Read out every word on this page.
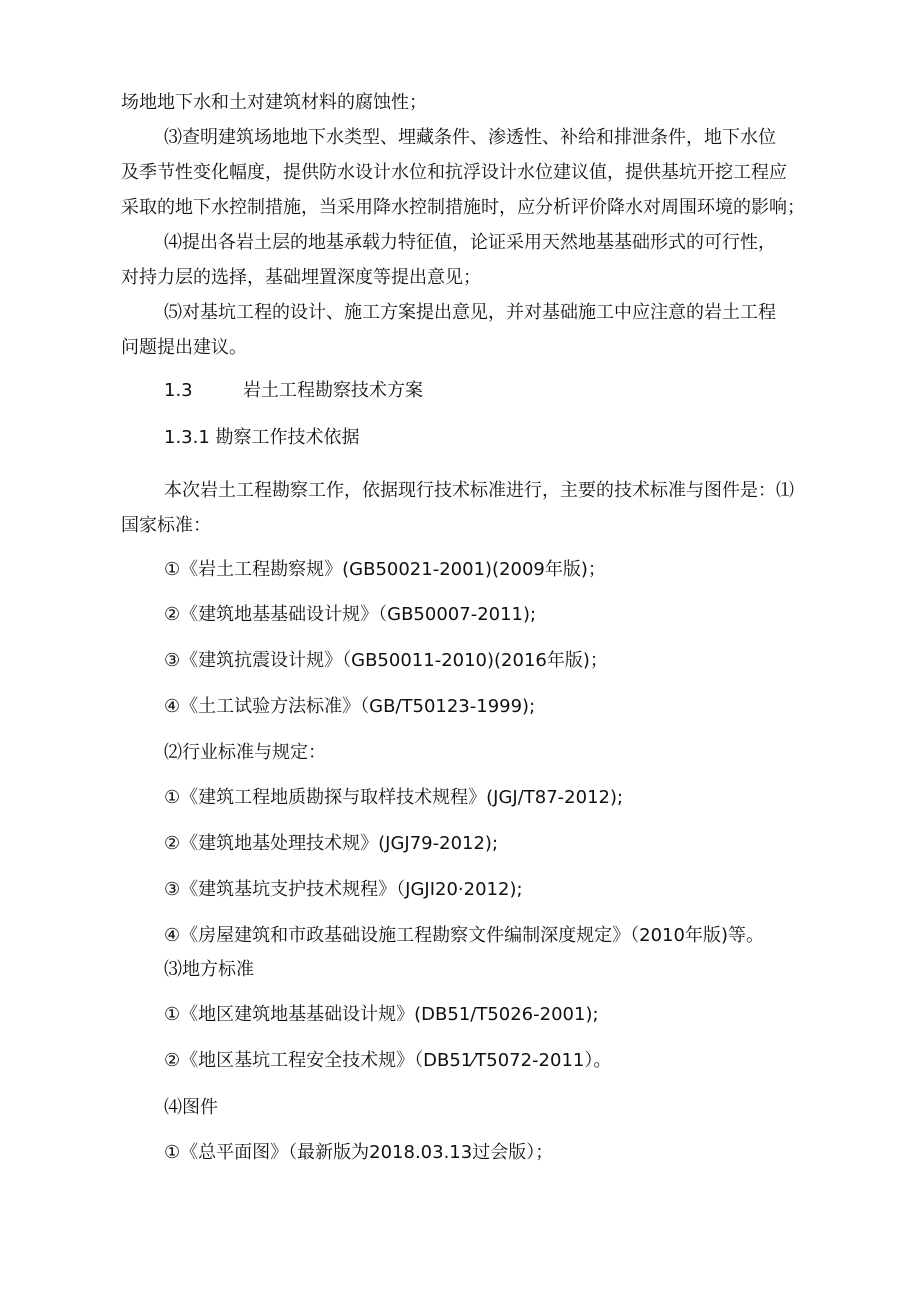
场地地下水和土对建筑材料的腐蚀性；
⑶查明建筑场地地下水类型、埋藏条件、渗透性、补给和排泄条件，地下水位
及季节性变化幅度，提供防水设计水位和抗浮设计水位建议值，提供基坑开挖工程应
采取的地下水控制措施，当采用降水控制措施时，应分析评价降水对周围环境的影响；
⑷提出各岩土层的地基承载力特征值，论证采用天然地基基础形式的可行性，
对持力层的选择，基础埋置深度等提出意见；
⑸对基坑工程的设计、施工方案提出意见，并对基础施工中应注意的岩土工程
问题提出建议。
1.3	岩土工程勘察技术方案
1.3.1 勘察工作技术依据
本次岩土工程勘察工作，依据现行技术标准进行，主要的技术标准与图件是：⑴
国家标准：
①《岩土工程勘察规》(GB50021-2001)(2009年版)；
②《建筑地基基础设计规》（GB50007-2011);
③《建筑抗震设计规》（GB50011-2010)(2016年版)；
④《土工试验方法标准》（GB/T50123-1999);
⑵行业标准与规定：
①《建筑工程地质勘探与取样技术规程》(JGJ/T87-2012);
②《建筑地基处理技术规》(JGJ79-2012);
③《建筑基坑支护技术规程》（JGJI20·2012);
④《房屋建筑和市政基础设施工程勘察文件编制深度规定》（2010年版)等。
⑶地方标准
①《地区建筑地基基础设计规》(DB51/T5026-2001);
②《地区基坑工程安全技术规》（DB51⁄T5072-2011）。
⑷图件
①《总平面图》（最新版为2018.03.13过会版）；
